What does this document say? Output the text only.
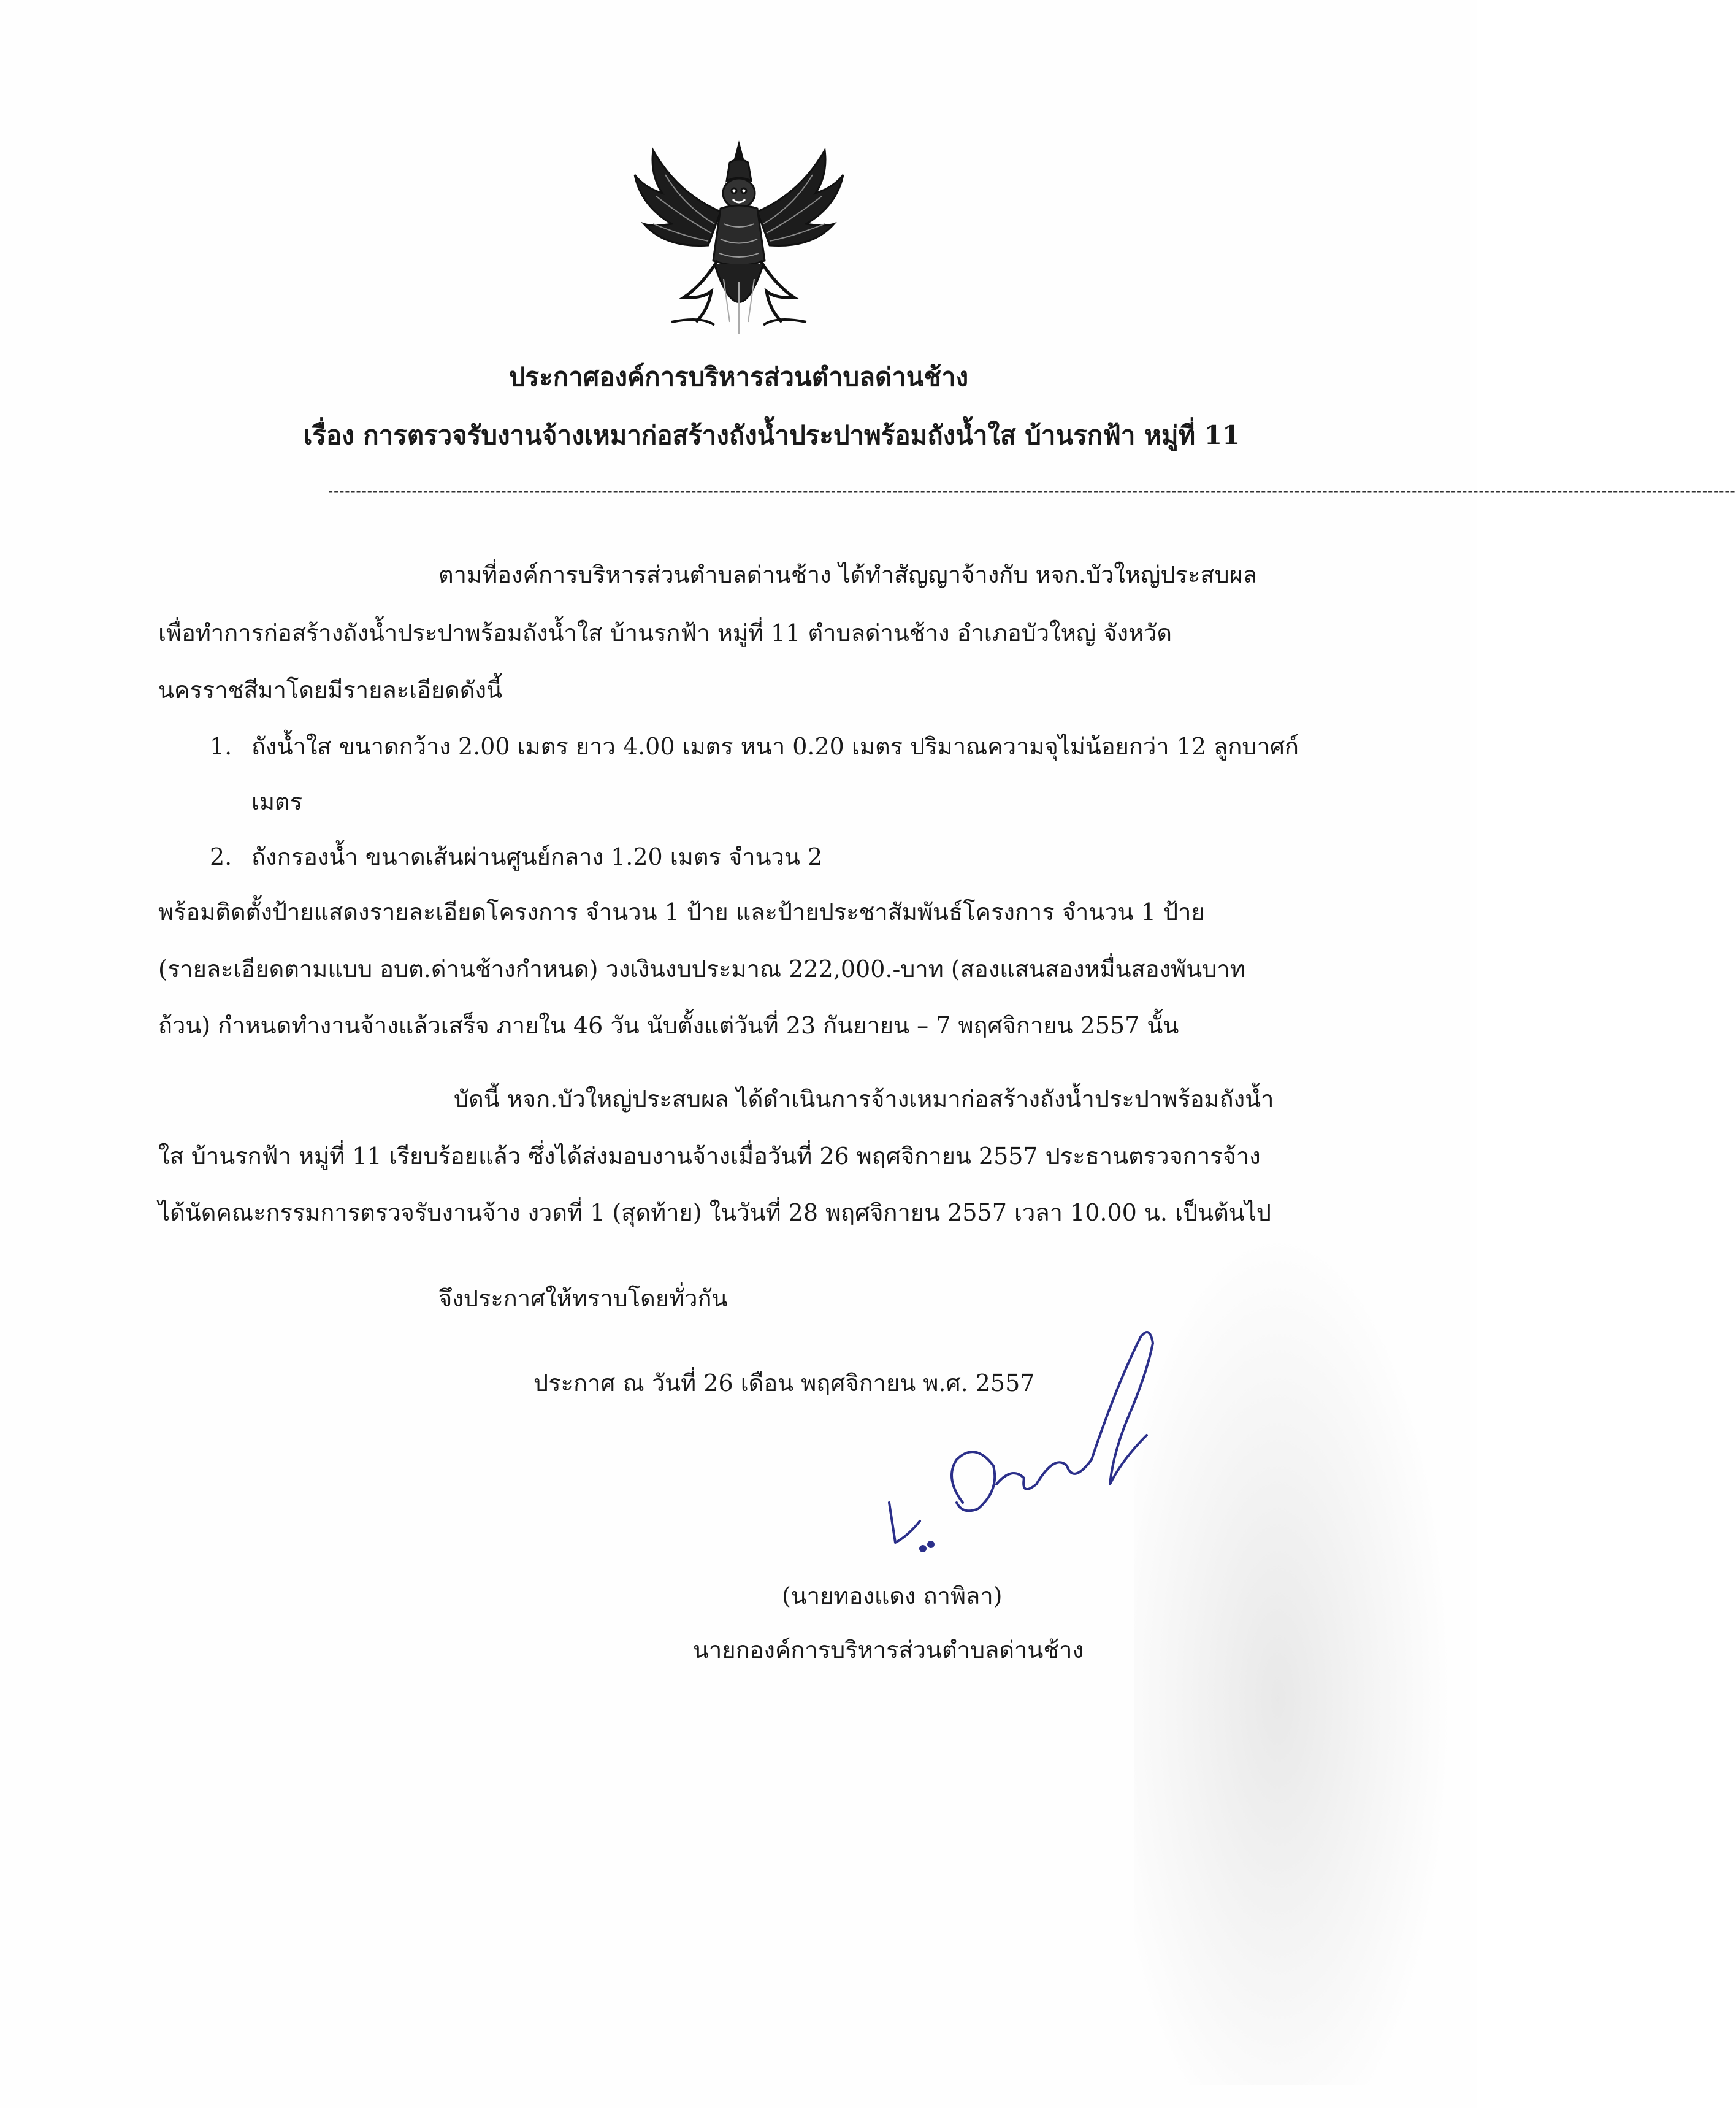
ประกาศองค์การบริหารส่วนตำบลด่านช้าง
เรื่อง การตรวจรับงานจ้างเหมาก่อสร้างถังน้ำประปาพร้อมถังน้ำใส บ้านรกฟ้า หมู่ที่ 11
------------------------------------------------------------------------------------------------------------------------------------------------------------------------------------------------------------------------------------------------------------
ตามที่องค์การบริหารส่วนตำบลด่านช้าง ได้ทำสัญญาจ้างกับ หจก.บัวใหญ่ประสบผล
เพื่อทำการก่อสร้างถังน้ำประปาพร้อมถังน้ำใส บ้านรกฟ้า หมู่ที่ 11 ตำบลด่านช้าง อำเภอบัวใหญ่ จังหวัด
นครราชสีมาโดยมีรายละเอียดดังนี้
1. ถังน้ำใส ขนาดกว้าง 2.00 เมตร ยาว 4.00 เมตร หนา 0.20 เมตร ปริมาณความจุไม่น้อยกว่า 12 ลูกบาศก์
เมตร
2. ถังกรองน้ำ ขนาดเส้นผ่านศูนย์กลาง 1.20 เมตร จำนวน 2
พร้อมติดตั้งป้ายแสดงรายละเอียดโครงการ จำนวน 1 ป้าย และป้ายประชาสัมพันธ์โครงการ จำนวน 1 ป้าย
(รายละเอียดตามแบบ อบต.ด่านช้างกำหนด) วงเงินงบประมาณ 222,000.-บาท (สองแสนสองหมื่นสองพันบาท
ถ้วน) กำหนดทำงานจ้างแล้วเสร็จ ภายใน 46 วัน นับตั้งแต่วันที่ 23 กันยายน – 7 พฤศจิกายน 2557 นั้น
บัดนี้ หจก.บัวใหญ่ประสบผล ได้ดำเนินการจ้างเหมาก่อสร้างถังน้ำประปาพร้อมถังน้ำ
ใส บ้านรกฟ้า หมู่ที่ 11 เรียบร้อยแล้ว ซึ่งได้ส่งมอบงานจ้างเมื่อวันที่ 26 พฤศจิกายน 2557 ประธานตรวจการจ้าง
ได้นัดคณะกรรมการตรวจรับงานจ้าง งวดที่ 1 (สุดท้าย) ในวันที่ 28 พฤศจิกายน 2557 เวลา 10.00 น. เป็นต้นไป
จึงประกาศให้ทราบโดยทั่วกัน
ประกาศ ณ วันที่ 26 เดือน พฤศจิกายน พ.ศ. 2557
(นายทองแดง ถาพิลา)
นายกองค์การบริหารส่วนตำบลด่านช้าง
